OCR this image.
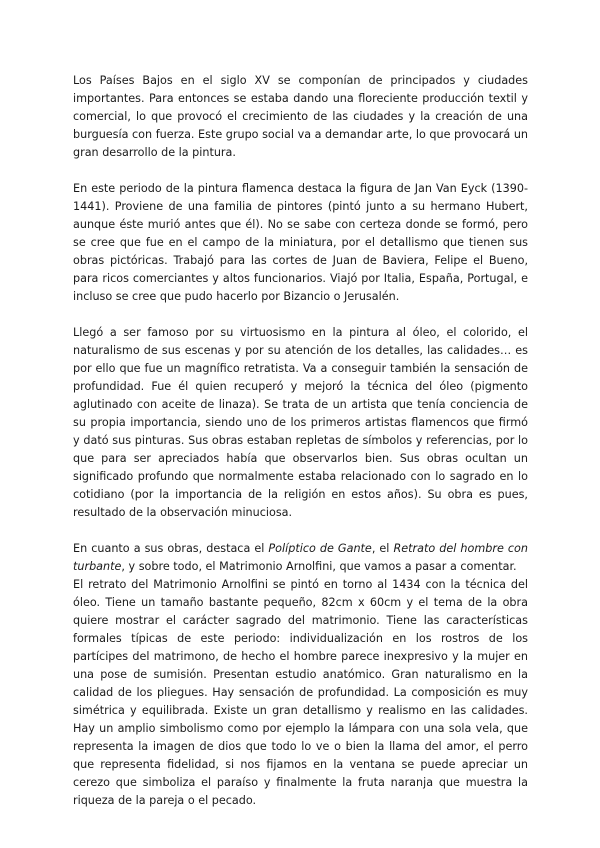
Los Países Bajos en el siglo XV se componían de principados y ciudades importantes. Para entonces se estaba dando una floreciente producción textil y comercial, lo que provocó el crecimiento de las ciudades y la creación de una burguesía con fuerza. Este grupo social va a demandar arte, lo que provocará un gran desarrollo de la pintura.

En este periodo de la pintura flamenca destaca la figura de Jan Van Eyck (1390-1441). Proviene de una familia de pintores (pintó junto a su hermano Hubert, aunque éste murió antes que él). No se sabe con certeza donde se formó, pero se cree que fue en el campo de la miniatura, por el detallismo que tienen sus obras pictóricas. Trabajó para las cortes de Juan de Baviera, Felipe el Bueno, para ricos comerciantes y altos funcionarios. Viajó por Italia, España, Portugal, e incluso se cree que pudo hacerlo por Bizancio o Jerusalén.

Llegó a ser famoso por su virtuosismo en la pintura al óleo, el colorido, el naturalismo de sus escenas y por su atención de los detalles, las calidades… es por ello que fue un magnífico retratista. Va a conseguir también la sensación de profundidad. Fue él quien recuperó y mejoró la técnica del óleo (pigmento aglutinado con aceite de linaza). Se trata de un artista que tenía conciencia de su propia importancia, siendo uno de los primeros artistas flamencos que firmó y dató sus pinturas. Sus obras estaban repletas de símbolos y referencias, por lo que para ser apreciados había que observarlos bien. Sus obras ocultan un significado profundo que normalmente estaba relacionado con lo sagrado en lo cotidiano (por la importancia de la religión en estos años). Su obra es pues, resultado de la observación minuciosa.

En cuanto a sus obras, destaca el Políptico de Gante, el Retrato del hombre con turbante, y sobre todo, el Matrimonio Arnolfini, que vamos a pasar a comentar.

El retrato del Matrimonio Arnolfini se pintó en torno al 1434 con la técnica del óleo. Tiene un tamaño bastante pequeño, 82cm x 60cm y el tema de la obra quiere mostrar el carácter sagrado del matrimonio. Tiene las características formales típicas de este periodo: individualización en los rostros de los partícipes del matrimono, de hecho el hombre parece inexpresivo y la mujer en una pose de sumisión. Presentan estudio anatómico. Gran naturalismo en la calidad de los pliegues. Hay sensación de profundidad. La composición es muy simétrica y equilibrada. Existe un gran detallismo y realismo en las calidades. Hay un amplio simbolismo como por ejemplo la lámpara con una sola vela, que representa la imagen de dios que todo lo ve o bien la llama del amor, el perro que representa fidelidad, si nos fijamos en la ventana se puede apreciar un cerezo que simboliza el paraíso y finalmente la fruta naranja que muestra la riqueza de la pareja o el pecado.
